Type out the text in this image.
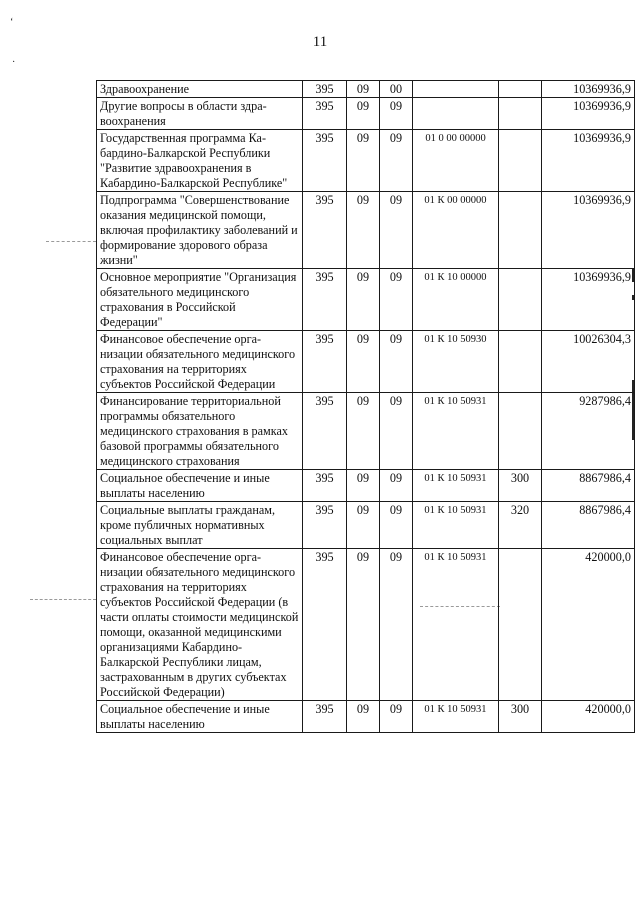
11
‘
·
Здравоохранение	395	09	00			10369936,9

Другие вопросы в области здравоохранения	395	09	09			10369936,9

Государственная программа Кабардино-Балкарской Республики "Развитие здравоохранения в Кабардино-Балкарской Республике"	395	09	09	01 0 00 00000		10369936,9

Подпрограмма "Совершенствование оказания медицинской помощи, включая профилактику заболеваний и формирование здорового образа жизни"	395	09	09	01 К 00 00000		10369936,9

Основное мероприятие "Организация обязательного медицинского страхования в Российской Федерации"	395	09	09	01 К 10 00000		10369936,9

Финансовое обеспечение организации обязательного медицинского страхования на территориях субъектов Российской Федерации	395	09	09	01 К 10 50930		10026304,3

Финансирование территориальной программы обязательного медицинского страхования в рамках базовой программы обязательного медицинского страхования	395	09	09	01 К 10 50931		9287986,4

Социальное обеспечение и иные выплаты населению	395	09	09	01 К 10 50931	300	8867986,4

Социальные выплаты гражданам, кроме публичных нормативных социальных выплат	395	09	09	01 К 10 50931	320	8867986,4

Финансовое обеспечение организации обязательного медицинского страхования на территориях субъектов Российской Федерации (в части оплаты стоимости медицинской помощи, оказанной медицинскими организациями Кабардино-Балкарской Республики лицам, застрахованным в других субъектах Российской Федерации)	395	09	09	01 К 10 50931		420000,0

Социальное обеспечение и иные выплаты населению	395	09	09	01 К 10 50931	300	420000,0
